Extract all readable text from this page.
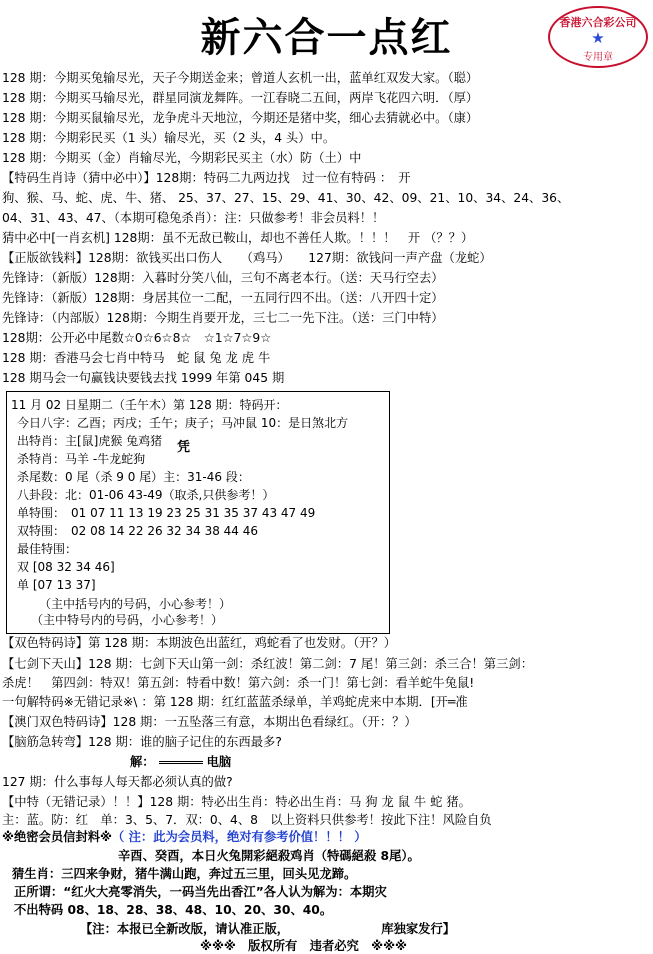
新六合一点红	香港六合彩公司
★
专用章
128 期：今期买兔输尽光，天子今期送金来；曾道人玄机一出，蓝单红双发大家。（聪）
128 期：今期买马输尽光，群星同演龙舞阵。一江春晓二五间，两岸飞花四六明．（厚）
128 期：今期买鼠输尽光，龙争虎斗天地泣，今期还是猪中奖，细心去猜就必中。（康）
128 期：今期彩民买（1 头）输尽光，买（2 头，4 头）中。
128 期：今期买（金）肖输尽光，今期彩民买主（水）防（土）中
【特码生肖诗（猜中必中）】128期：特码二九两边找　过一位有特码 ：　开
狗、猴、马、蛇、虎、牛、猪、 25、37、27、15、29、41、30、42、09、21、10、34、24、36、
04、31、43、47、（本期可稳兔杀肖）：注：只做参考！非会员料！！
猜中必中[一肖玄机] 128期：虽不无敌已鞍山，却也不善任人欺。！！！　开 （？？）
【正版欲钱料】128期：欲钱买出口伤人　　（鸡马）　　127期：欲钱问一声产盘（龙蛇）
先锋诗：（新版）128期：入暮时分笑八仙，三句不离老本行。（送：天马行空去）
先锋诗：（新版）128期：身居其位一二配，一五同行四不出。（送：八开四十定）
先锋诗：（内部版）128期：今期生肖要开龙，三七二一先下注。（送：三门中特）
128期：公开必中尾数☆0☆6☆8☆　☆1☆7☆9☆
128 期：香港马会七肖中特马　蛇 鼠 兔 龙 虎 牛
128 期马会一句赢钱诀要钱去找 1999 年第 045 期
11 月 02 日星期二（壬午木）第 128 期：特码开：
今日八字：乙酉；丙戌；壬午；庚子；马冲鼠 10：是日煞北方
出特肖：主[鼠]虎猴 兔鸡猪 凭
杀特肖：马羊 -牛龙蛇狗
杀尾数：0 尾（杀 9 0 尾）主：31-46 段：
八卦段：北：01-06 43-49（取杀,只供参考！）
单特围：　01 07 11 13 19 23 25 31 35 37 43 47 49
双特围：　02 08 14 22 26 32 34 38 44 46
最佳特围：
双 [08 32 34 46]
单 [07 13 37]
（主中括号内的号码，小心参考！）
（主中特号内的号码，小心参考！）
【双色特码诗】第 128 期：本期波色出蓝红，鸡蛇看了也发财。（开？）
【七剑下天山】128 期：七剑下天山第一剑：杀红波！第二剑：7 尾！第三剑：杀三合！第三剑：
杀虎！　第四剑：特双！第五剑：特看中数！第六剑：杀一门！第七剑：看羊蛇牛兔鼠!
一句解特码※无错记录※\ ：第 128 期：红红蓝蓝杀绿单，羊鸡蛇虎来中本期．[开═准
【澳门双色特码诗】128 期：一五坠落三有意，本期出色看绿红。（开：？）
【脑筋急转弯】128 期：谁的脑子记住的东西最多?
解：	电脑
127 期：什么事每人每天都必须认真的做?
【中特（无错记录）！！】128 期：特必出生肖：特必出生肖：马 狗 龙 鼠 牛 蛇 猪。
主：蓝。防：红　单：3、5、7．双：0、4、8　以上资料只供参考！按此下注！风险自负
※绝密会员信封料※（ 注：此为会员料，绝对有参考价值！！！ ）
辛酉、癸酉，本日火兔開彩絕殺鸡肖（特碼絕殺 8尾）。
猜生肖：三四来争财，猪牛满山跑，奔过五三里，回头见龙蹄。
正所谓：“红火大亮零消失，一码当先出香江”各人认为解为：本期灾
不出特码 08、18、28、38、48、10、20、30、40。
【注：本报已全新改版，请认准正版，　　　　　　　　库独家发行】
※※※　版权所有　违者必究　※※※
